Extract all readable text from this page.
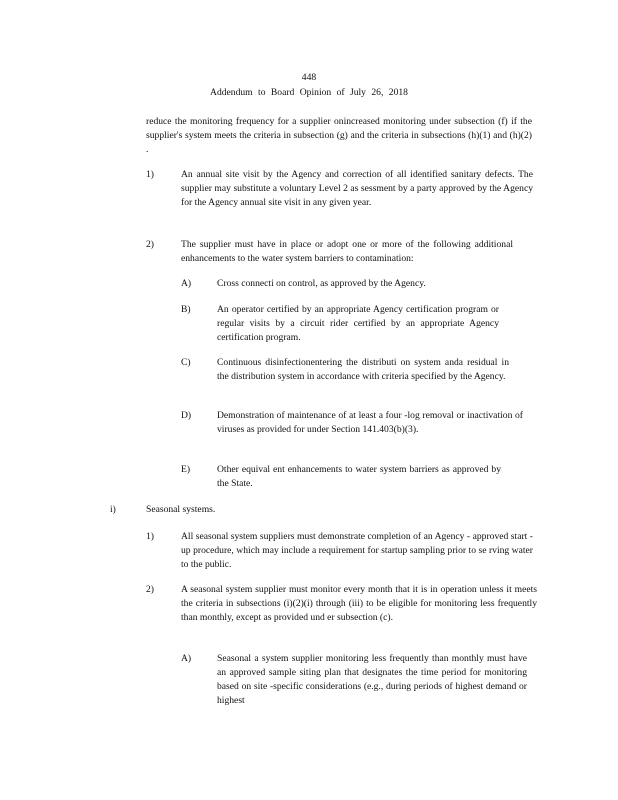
448
Addendum to Board Opinion of July 26, 2018
reduce the monitoring frequency for a supplier onincreased monitoring under subsection (f) if the supplier's system meets the criteria in subsection (g) and the criteria in subsections (h)(1) and (h)(2) .
1)	An annual site visit by the Agency and correction of all identified sanitary defects. The supplier may substitute a voluntary Level 2 as sessment by a party approved by the Agency for the Agency annual site visit in any given year.
2)	The supplier must have in place or adopt one or more of the following additional enhancements to the water system barriers to contamination:
A)	Cross connecti on control, as approved by the Agency.
B)	An operator certified by an appropriate Agency certification program or regular visits by a circuit rider certified by an appropriate Agency certification program.
C)	Continuous disinfectionentering the distributi on system anda residual in the distribution system in accordance with criteria specified by the Agency.
D)	Demonstration of maintenance of at least a four -log removal or inactivation of viruses as provided for under Section 141.403(b)(3).
E)	Other equival ent enhancements to water system barriers as approved by the State.
i)	Seasonal systems.
1)	All seasonal system suppliers must demonstrate completion of an Agency - approved start -up procedure, which may include a requirement for startup sampling prior to se rving water to the public.
2)	A seasonal system supplier must monitor every month that it is in operation unless it meets the criteria in subsections (i)(2)(i) through (iii) to be eligible for monitoring less frequently than monthly, except as provided und er subsection (c).
A)	Seasonal a system supplier monitoring less frequently than monthly must have an approved sample siting plan that designates the time period for monitoring based on site -specific considerations (e.g., during periods of highest demand or highest
